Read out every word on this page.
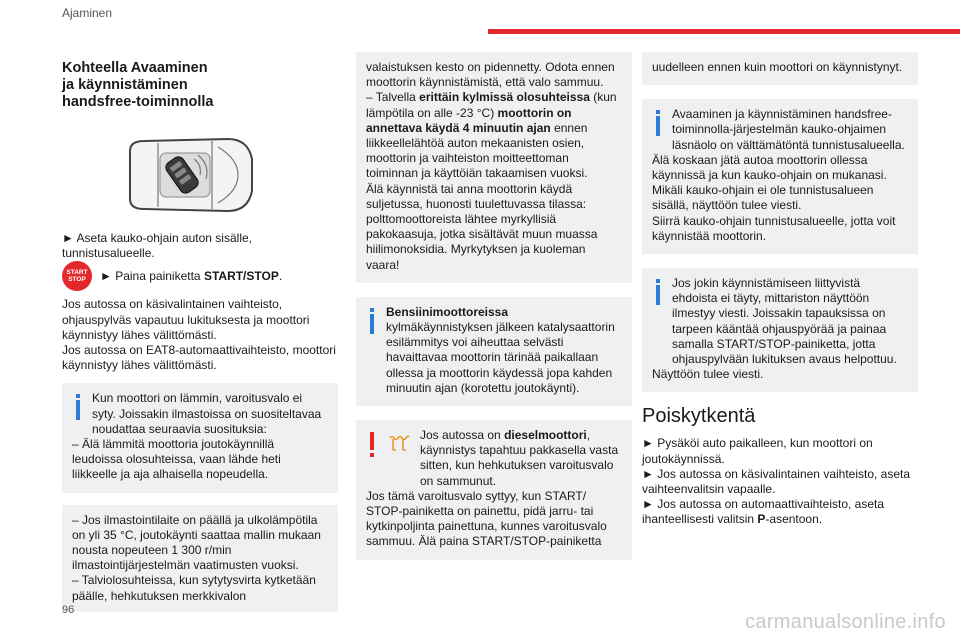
Ajaminen
Kohteella Avaaminen
ja käynnistäminen
handsfree-toiminnolla

► Aseta kauko-ohjain auton sisälle, tunnistusalueelle.

START
STOP	► Paina painiketta START/STOP.

Jos autossa on käsivalintainen vaihteisto, ohjauspylväs vapautuu lukituksesta ja moottori käynnistyy lähes välittömästi.

Jos autossa on EAT8-automaattivaihteisto, moottori käynnistyy lähes välittömästi.

Kun moottori on lämmin, varoitusvalo ei syty. Joissakin ilmastoissa on suositeltavaa noudattaa seuraavia suosituksia:

– Älä lämmitä moottoria joutokäynnillä leudoissa olosuhteissa, vaan lähde heti liikkeelle ja aja alhaisella nopeudella.

– Jos ilmastointilaite on päällä ja ulkolämpötila on yli 35 °C, joutokäynti saattaa mallin mukaan nousta nopeuteen 1 300 r/min ilmastointijärjestelmän vaatimusten vuoksi.

– Talviolosuhteissa, kun sytytysvirta kytketään päälle, hehkutuksen merkkivalon

valaistuksen kesto on pidennetty. Odota ennen moottorin käynnistämistä, että valo sammuu.

– Talvella erittäin kylmissä olosuhteissa (kun lämpötila on alle -23 °C) moottorin on annettava käydä 4 minuutin ajan ennen liikkeellelähtöä auton mekaanisten osien, moottorin ja vaihteiston moitteettoman toiminnan ja käyttöiän takaamisen vuoksi.

Älä käynnistä tai anna moottorin käydä suljetussa, huonosti tuulettuvassa tilassa: polttomoottoreista lähtee myrkyllisiä pakokaasuja, jotka sisältävät muun muassa hiilimonoksidia. Myrkytyksen ja kuoleman vaara!

Bensiinimoottoreissa
kylmäkäynnistyksen jälkeen katalysaattorin esilämmitys voi aiheuttaa selvästi havaittavaa moottorin tärinää paikallaan ollessa ja moottorin käydessä jopa kahden minuutin ajan (korotettu joutokäynti).

Jos autossa on dieselmoottori, käynnistys tapahtuu pakkasella vasta sitten, kun hehkutuksen varoitusvalo on sammunut.

Jos tämä varoitusvalo syttyy, kun START/ STOP-painiketta on painettu, pidä jarru- tai kytkinpoljinta painettuna, kunnes varoitusvalo sammuu. Älä paina START/STOP-painiketta

uudelleen ennen kuin moottori on käynnistynyt.

Avaaminen ja käynnistäminen handsfree-toiminnolla-järjestelmän kauko-ohjaimen läsnäolo on välttämätöntä tunnistusalueella.

Älä koskaan jätä autoa moottorin ollessa käynnissä ja kun kauko-ohjain on mukanasi.

Mikäli kauko-ohjain ei ole tunnistusalueen sisällä, näyttöön tulee viesti.

Siirrä kauko-ohjain tunnistusalueelle, jotta voit käynnistää moottorin.

Jos jokin käynnistämiseen liittyvistä ehdoista ei täyty, mittariston näyttöön ilmestyy viesti. Joissakin tapauksissa on tarpeen kääntää ohjauspyörää ja painaa samalla START/STOP-painiketta, jotta ohjauspylvään lukituksen avaus helpottuu.

Näyttöön tulee viesti.

Poiskytkentä

► Pysäköi auto paikalleen, kun moottori on joutokäynnissä.

► Jos autossa on käsivalintainen vaihteisto, aseta vaihteenvalitsin vapaalle.

► Jos autossa on automaattivaihteisto, aseta ihanteellisesti valitsin P-asentoon.

96
carmanualsonline.info
